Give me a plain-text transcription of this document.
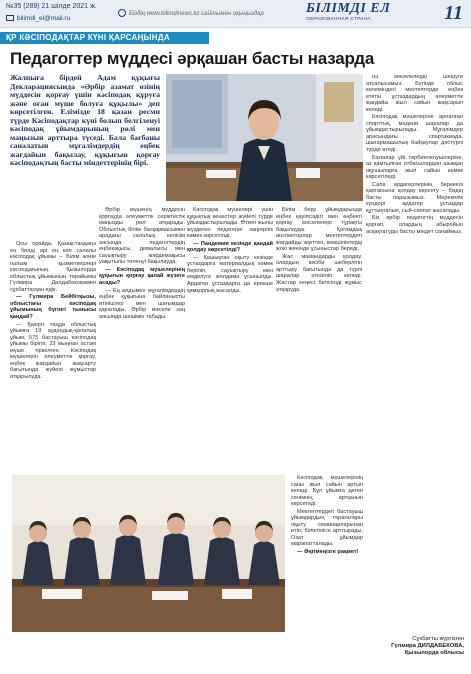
№35 (289) 21 шілдe 2021 ж.
bilimdi_el@mail.ru
Біздің www.bilimdinews.kz сайтымен оқыңыздар	БІЛІМДІ ЕЛ
ОБРАЗОВАННАЯ СТРАНА	11
ҚР КӘСІПОДАҚТАР КҮНІ ҚАРСАҢЫНДА
Педагогтер мүддесі әрқашан басты назарда
Жалпыға бірдей Адам құқығы Декларациясында «Әрбір азамат өзінің мүддесін қорғау үшін кәсіподақ құруға және оған мүше болуға құқылы» деп көрсетілген. Елімізде 18 қазан ресми түрде Кәсіподақтар күні болып белгіленуі кәсіподақ ұйымдарының рөлі мен маңызын арттыра түседі. Бала бағбаны саналатын мұғалімдердің еңбек жағдайын бақылау, құқығын қорғау кәсіподақтың басты міндеттерінің бірі.

Осы орайда, Қазақстандағы ең белді әрі ең көп салалы кәсіподақ ұйымы – Білім және ғылым қызметкерлері кәсіподағының Қызылорда облыстық ұйымының төрайымы Гүлмира Дилдабековамен сұхбаттасқан едік.

— Гүлмира Бейбітқызы, облыстағы кәсіподақ ұйымының бүгінгі тынысы қандай?

— Қазіргі таңда облыстық ұйымға 19 аудандық-қалалық ұйым, 575 бастауыш кәсіподақ ұйымы бірігіп, 23 мыңнан астам мүше тіркелген. Кәсіподақ мүшелерін әлеуметтік қорғау, еңбек жағдайын жақсарту бағытында жүйелі жұмыстар атқарылуда.

Әрбір мүшенің мүддесін қорғауда әлеуметтік серіктестік маңызды рөл атқарады. Облыстық білім басқармасымен арадағы салалық келісім аясында педагогтердің еңбекақысы, демалысы мен сауықтыру жәрдемақысы уақытылы төленуі бақылауда.

— Кәсіподақ мүшелерінің құқығын қорғау қалай жүзеге асады?

— Ең алдымен мұғалімдердің еңбек құқығына байланысты өтініштер мен шағымдар қаралады. Әрбір мәселе заң аясында шешімін табады.

Кәсіподақ мүшелері үшін құқықтық кеңестер жүйелі түрде ұйымдастырылады. Өткен жылы жүздеген педагогке заңгерлік көмек көрсетілді.

— Пандемия кезінде қандай қолдау көрсетілді?

— Қашықтан оқыту кезінде ұстаздарға материалдық көмек беріліп, сауықтыру мен емделуге жолдама ұсынылды. Ардагер ұстаздарға да ерекше қамқорлық жасалды.

Білім беру ұйымдарында еңбек қауіпсіздігі мен еңбекті қорғау мәселелері тұрақты бақылауда. Қоғамдық инспекторлар мектептердегі жағдайды зерттеп, кемшіліктерді жою жөнінде ұсыныстар береді.

Жас мамандарды қолдау, олардың кәсіби шеберлігін арттыру бағытында да түрлі шаралар өткізіліп келеді. Жастар кеңесі белсенді жұмыс атқаруда.

ғы мәселелерді шешуге атсалысамыз. Бүгінде облыс көлеміндегі мектептерде еңбек ететін ұстаздардың әлеуметтік жағдайы жыл сайын жақсарып келеді.

Кәсіподақ мүшелеріне арналған спорттық, мәдени шаралар да ұйымдастырылады. Мұғалімдер арасындағы спартакиада, шығармашылық байқаулар дәстүрлі түрде өтеді.

Балалар үйі тәрбиеленушілеріне, аз қамтылған отбасылардан шыққан оқушыларға жыл сайын көмек көрсетіледі.

Сала ардагерлерінің берекелі қартаюына қолдау көрсету – біздің басты парызымыз. Мерекелік күндері ардагер ұстаздар құттықталып, сый-сияпат жасалады.

Біз әрбір педагогтің мүддесін қорғап, олардың абыройын асқақтатуды басты міндет санаймыз.

Кәсіподақ мүшелерінің саны жыл сайын артып келеді. Бұл ұйымға деген сенімнің артқанын көрсетеді.

Мектептердегі бастауыш ұйымдардың төрағалары оқыту семинарларынан өтіп, біліктілігін арттырады. Озат ұйымдар марапатталады.

— Әңгімеңізге рақмет!

Сұхбатты жүргізген
Гүлмира ДИЛДАБЕКОВА,
Қызылорда облысы
